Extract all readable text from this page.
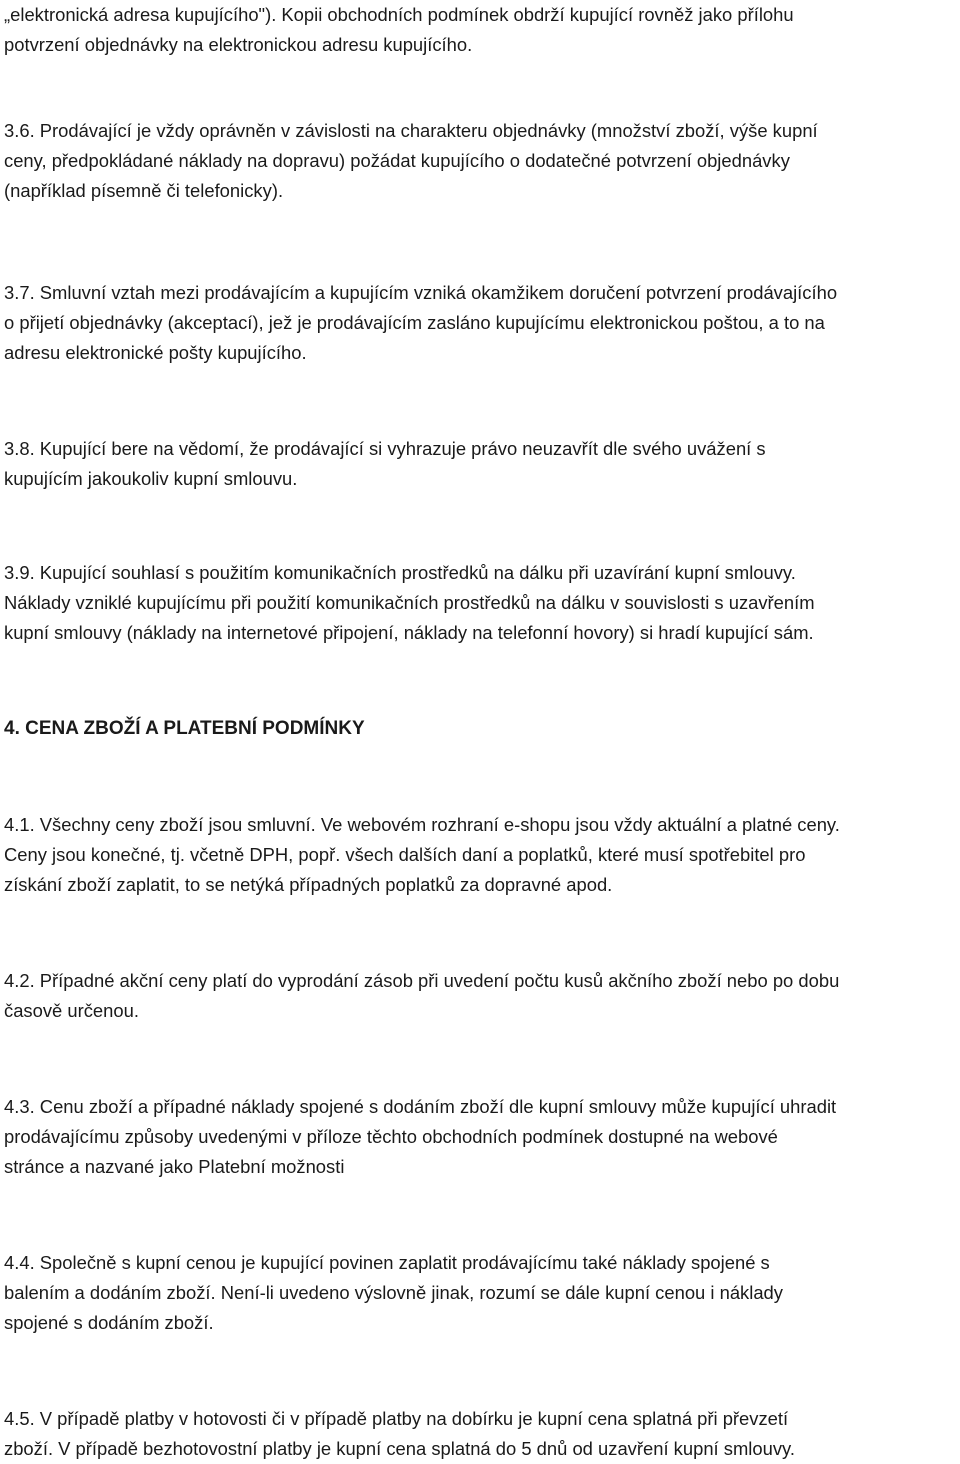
„elektronická adresa kupujícího"). Kopii obchodních podmínek obdrží kupující rovněž jako přílohu
potvrzení objednávky na elektronickou adresu kupujícího.

3.6. Prodávající je vždy oprávněn v závislosti na charakteru objednávky (množství zboží, výše kupní
ceny, předpokládané náklady na dopravu) požádat kupujícího o dodatečné potvrzení objednávky
(například písemně či telefonicky).

3.7. Smluvní vztah mezi prodávajícím a kupujícím vzniká okamžikem doručení potvrzení prodávajícího
o přijetí objednávky (akceptací), jež je prodávajícím zasláno kupujícímu elektronickou poštou, a to na
adresu elektronické pošty kupujícího.

3.8. Kupující bere na vědomí, že prodávající si vyhrazuje právo neuzavřít dle svého uvážení s
kupujícím jakoukoliv kupní smlouvu.

3.9. Kupující souhlasí s použitím komunikačních prostředků na dálku při uzavírání kupní smlouvy.
Náklady vzniklé kupujícímu při použití komunikačních prostředků na dálku v souvislosti s uzavřením
kupní smlouvy (náklady na internetové připojení, náklady na telefonní hovory) si hradí kupující sám.

4. CENA ZBOŽÍ A PLATEBNÍ PODMÍNKY

4.1. Všechny ceny zboží jsou smluvní. Ve webovém rozhraní e-shopu jsou vždy aktuální a platné ceny.
Ceny jsou konečné, tj. včetně DPH, popř. všech dalších daní a poplatků, které musí spotřebitel pro
získání zboží zaplatit, to se netýká případných poplatků za dopravné apod.

4.2. Případné akční ceny platí do vyprodání zásob při uvedení počtu kusů akčního zboží nebo po dobu
časově určenou.

4.3. Cenu zboží a případné náklady spojené s dodáním zboží dle kupní smlouvy může kupující uhradit
prodávajícímu způsoby uvedenými v příloze těchto obchodních podmínek dostupné na webové
stránce a nazvané jako Platební možnosti

4.4. Společně s kupní cenou je kupující povinen zaplatit prodávajícímu také náklady spojené s
balením a dodáním zboží. Není-li uvedeno výslovně jinak, rozumí se dále kupní cenou i náklady
spojené s dodáním zboží.

4.5. V případě platby v hotovosti či v případě platby na dobírku je kupní cena splatná při převzetí
zboží. V případě bezhotovostní platby je kupní cena splatná do 5 dnů od uzavření kupní smlouvy.
